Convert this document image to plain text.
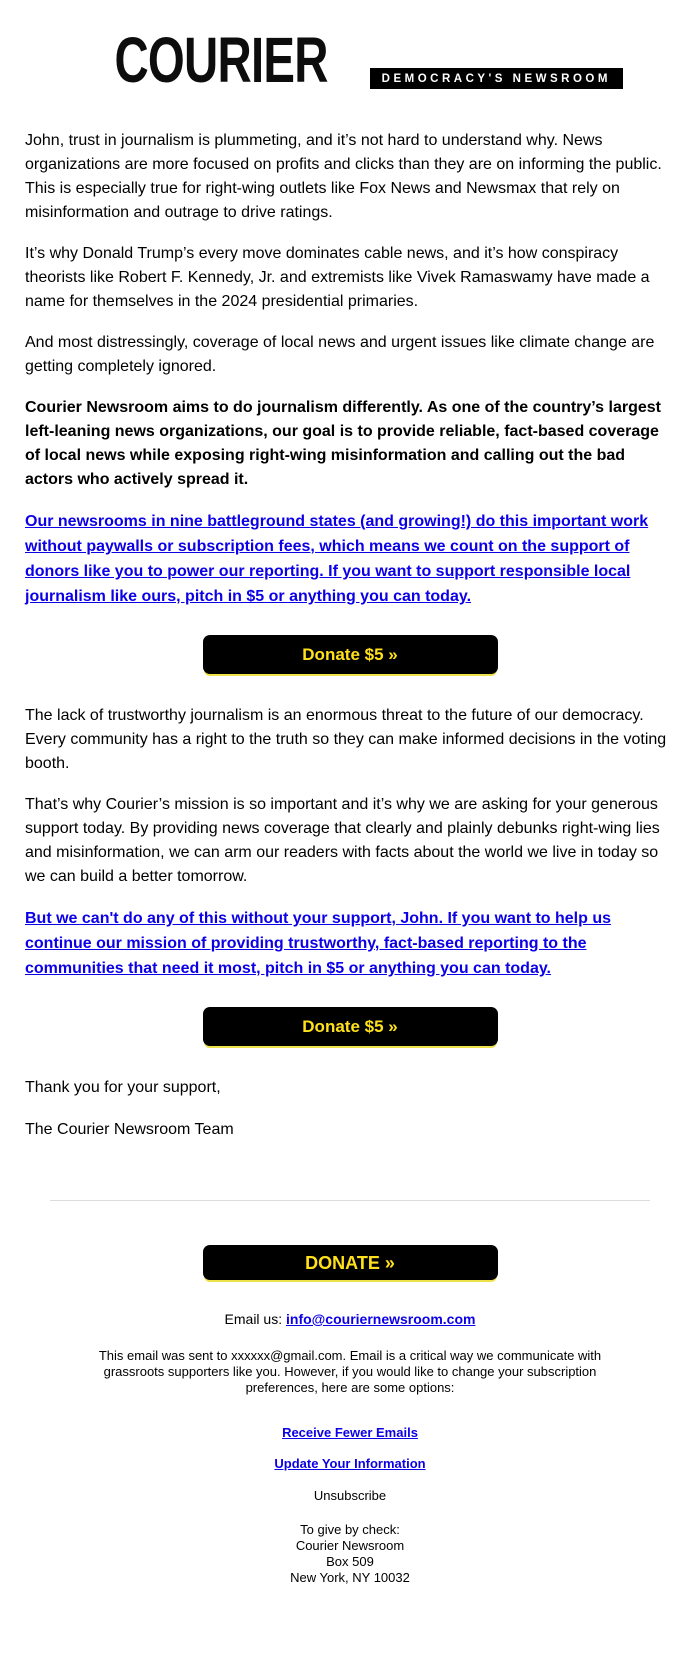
COURIER	DEMOCRACY'S NEWSROOM

John, trust in journalism is plummeting, and it’s not hard to understand why. News organizations are more focused on profits and clicks than they are on informing the public. This is especially true for right-wing outlets like Fox News and Newsmax that rely on misinformation and outrage to drive ratings.

It’s why Donald Trump’s every move dominates cable news, and it’s how conspiracy theorists like Robert F. Kennedy, Jr. and extremists like Vivek Ramaswamy have made a name for themselves in the 2024 presidential primaries.

And most distressingly, coverage of local news and urgent issues like climate change are getting completely ignored.

Courier Newsroom aims to do journalism differently. As one of the country’s largest left-leaning news organizations, our goal is to provide reliable, fact-based coverage of local news while exposing right-wing misinformation and calling out the bad actors who actively spread it.

Our newsrooms in nine battleground states (and growing!) do this important work without paywalls or subscription fees, which means we count on the support of donors like you to power our reporting. If you want to support responsible local journalism like ours, pitch in $5 or anything you can today.
Donate $5 »

The lack of trustworthy journalism is an enormous threat to the future of our democracy. Every community has a right to the truth so they can make informed decisions in the voting booth.

That’s why Courier’s mission is so important and it’s why we are asking for your generous support today. By providing news coverage that clearly and plainly debunks right-wing lies and misinformation, we can arm our readers with facts about the world we live in today so we can build a better tomorrow.

But we can't do any of this without your support, John. If you want to help us continue our mission of providing trustworthy, fact-based reporting to the communities that need it most, pitch in $5 or anything you can today.
Donate $5 »

Thank you for your support,

The Courier Newsroom Team

DONATE »
Email us: info@couriernewsroom.com
This email was sent to xxxxxx@gmail.com. Email is a critical way we communicate with grassroots supporters like you. However, if you would like to change your subscription preferences, here are some options:
Receive Fewer Emails
Update Your Information
Unsubscribe
To give by check:
Courier Newsroom
Box 509
New York, NY 10032
